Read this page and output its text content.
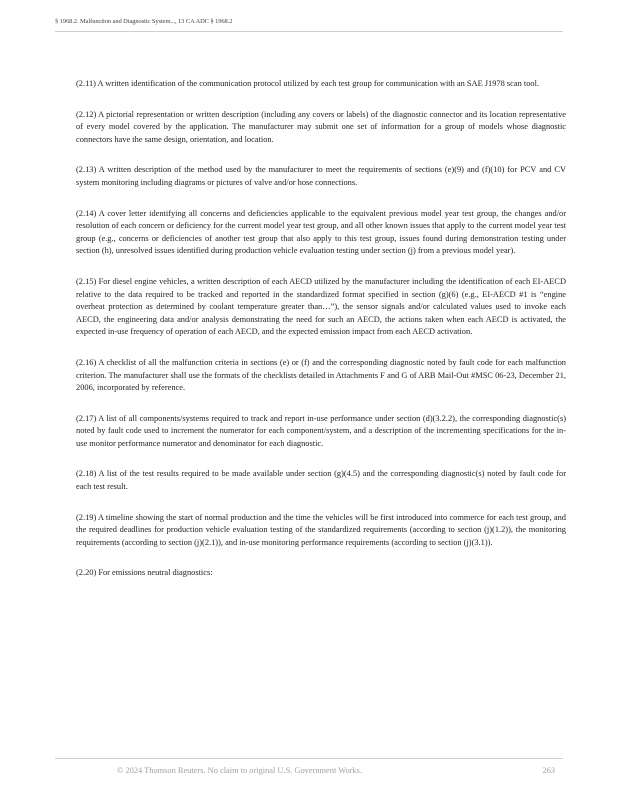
§ 1968.2. Malfunction and Diagnostic System..., 13 CA ADC § 1968.2

(2.11) A written identification of the communication protocol utilized by each test group for communication with an SAE J1978 scan tool.

(2.12) A pictorial representation or written description (including any covers or labels) of the diagnostic connector and its location representative of every model covered by the application. The manufacturer may submit one set of information for a group of models whose diagnostic connectors have the same design, orientation, and location.

(2.13) A written description of the method used by the manufacturer to meet the requirements of sections (e)(9) and (f)(10) for PCV and CV system monitoring including diagrams or pictures of valve and/or hose connections.

(2.14) A cover letter identifying all concerns and deficiencies applicable to the equivalent previous model year test group, the changes and/or resolution of each concern or deficiency for the current model year test group, and all other known issues that apply to the current model year test group (e.g., concerns or deficiencies of another test group that also apply to this test group, issues found during demonstration testing under section (h), unresolved issues identified during production vehicle evaluation testing under section (j) from a previous model year).

(2.15) For diesel engine vehicles, a written description of each AECD utilized by the manufacturer including the identification of each EI-AECD relative to the data required to be tracked and reported in the standardized format specified in section (g)(6) (e.g., EI-AECD #1 is “engine overheat protection as determined by coolant temperature greater than…”), the sensor signals and/or calculated values used to invoke each AECD, the engineering data and/or analysis demonstrating the need for such an AECD, the actions taken when each AECD is activated, the expected in-use frequency of operation of each AECD, and the expected emission impact from each AECD activation.

(2.16) A checklist of all the malfunction criteria in sections (e) or (f) and the corresponding diagnostic noted by fault code for each malfunction criterion. The manufacturer shall use the formats of the checklists detailed in Attachments F and G of ARB Mail-Out #MSC 06-23, December 21, 2006, incorporated by reference.

(2.17) A list of all components/systems required to track and report in-use performance under section (d)(3.2.2), the corresponding diagnostic(s) noted by fault code used to increment the numerator for each component/system, and a description of the incrementing specifications for the in-use monitor performance numerator and denominator for each diagnostic.

(2.18) A list of the test results required to be made available under section (g)(4.5) and the corresponding diagnostic(s) noted by fault code for each test result.

(2.19) A timeline showing the start of normal production and the time the vehicles will be first introduced into commerce for each test group, and the required deadlines for production vehicle evaluation testing of the standardized requirements (according to section (j)(1.2)), the monitoring requirements (according to section (j)(2.1)), and in-use monitoring performance requirements (according to section (j)(3.1)).

(2.20) For emissions neutral diagnostics:

© 2024 Thomson Reuters. No claim to original U.S. Government Works.	263
